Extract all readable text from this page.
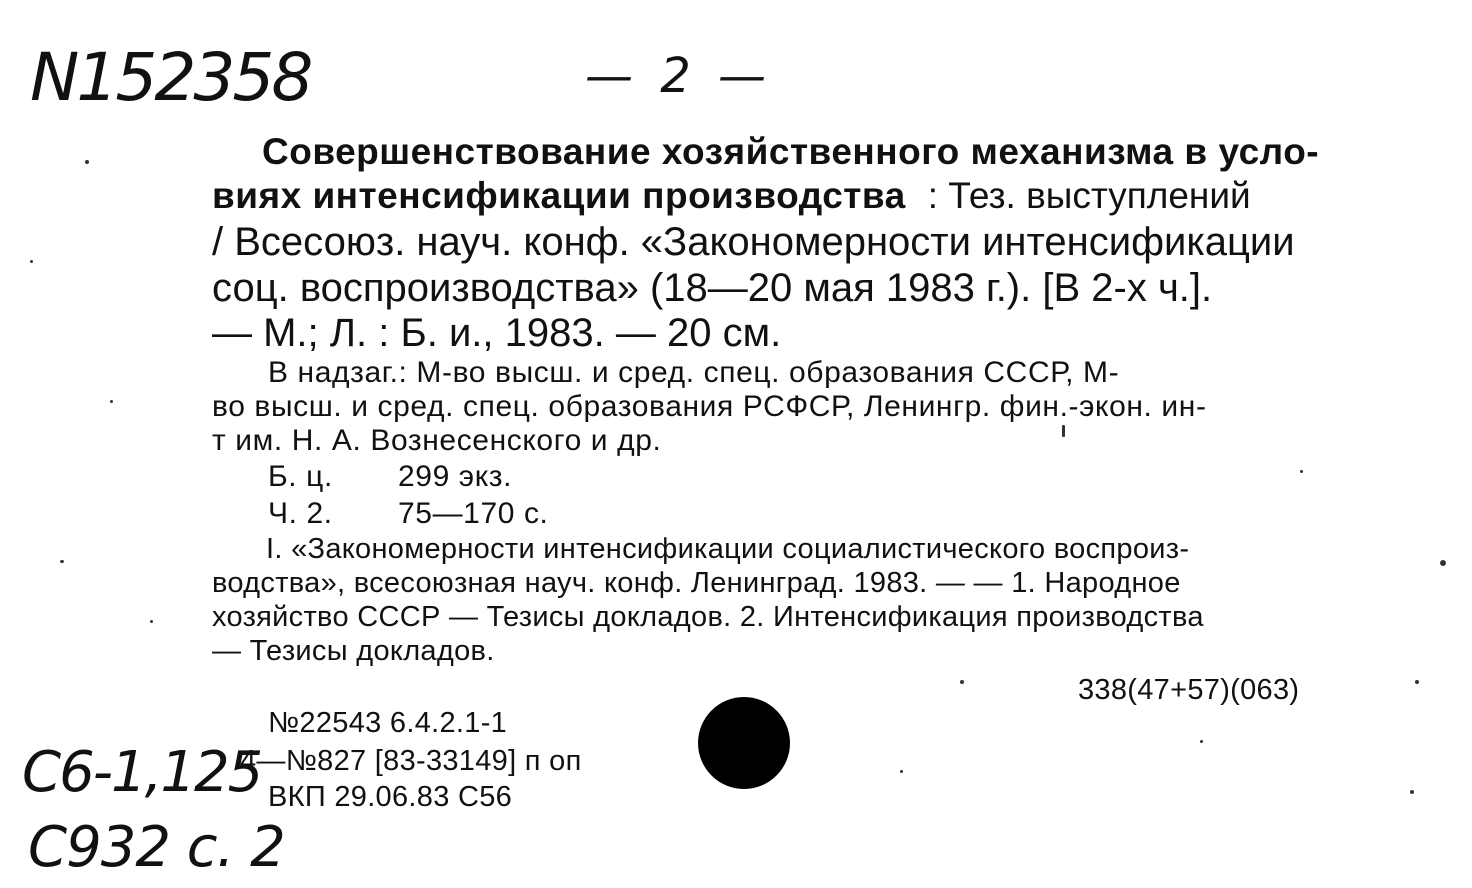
N152358	— 2 —
С6-1,125
С932 с. 2
Совершенствование хозяйственного механизма в усло-
виях интенсификации производства : Тез. выступлений
/ Всесоюз. науч. конф. «Закономерности интенсификации
соц. воспроизводства» (18—20 мая 1983 г.). [В 2-х ч.].
— М.; Л. : Б. и., 1983. — 20 см.
В надзаг.: М-во высш. и сред. спец. образования СССР, М-
во высш. и сред. спец. образования РСФСР, Ленингр. фин.-экон. ин-
т им. Н. А. Вознесенского и др.
Б. ц. 299 экз.
Ч. 2. 75—170 с.
I. «Закономерности интенсификации социалистического воспроиз-
водства», всесоюзная науч. конф. Ленинград. 1983. — — 1. Народное
хозяйство СССР — Тезисы докладов. 2. Интенсификация производства
— Тезисы докладов.
338(47+57)(063)
№22543 6.4.2.1-1
4—№827 [83-33149] п оп
ВКП 29.06.83 С56
